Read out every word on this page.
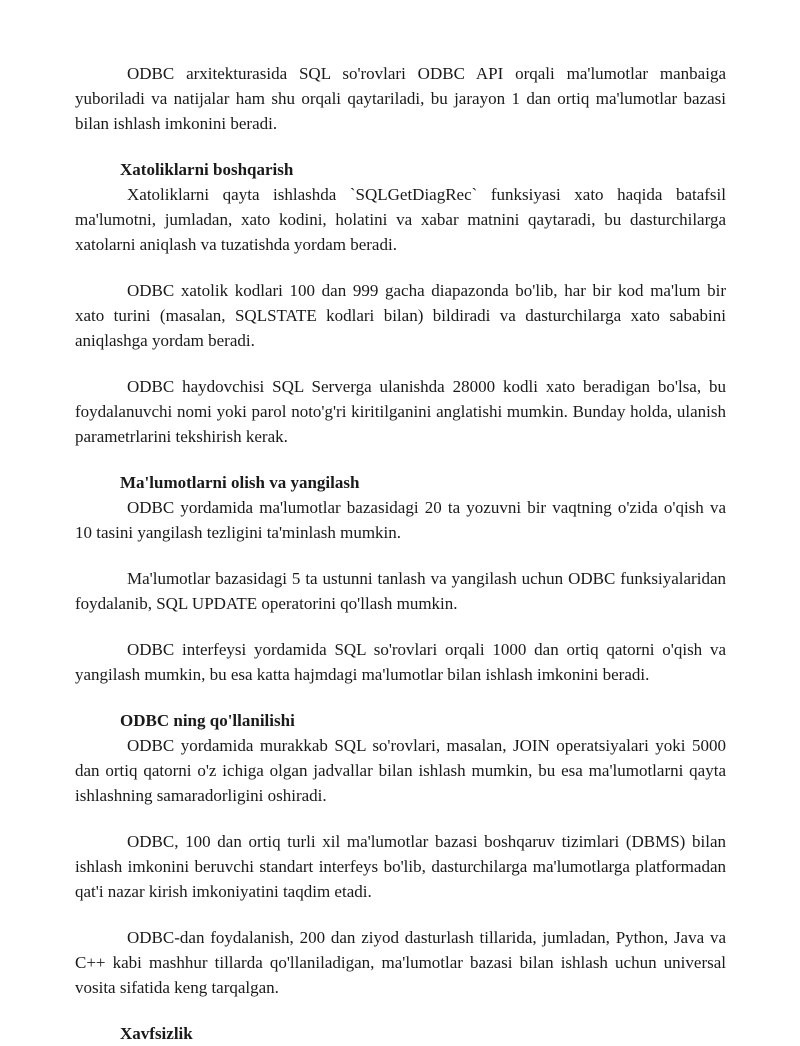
ODBC arxitekturasida SQL so'rovlari ODBC API orqali ma'lumotlar manbaiga yuboriladi va natijalar ham shu orqali qaytariladi, bu jarayon 1 dan ortiq ma'lumotlar bazasi bilan ishlash imkonini beradi.

Xatoliklarni boshqarish

Xatoliklarni qayta ishlashda `SQLGetDiagRec` funksiyasi xato haqida batafsil ma'lumotni, jumladan, xato kodini, holatini va xabar matnini qaytaradi, bu dasturchilarga xatolarni aniqlash va tuzatishda yordam beradi.

ODBC xatolik kodlari 100 dan 999 gacha diapazonda bo'lib, har bir kod ma'lum bir xato turini (masalan, SQLSTATE kodlari bilan) bildiradi va dasturchilarga xato sababini aniqlashga yordam beradi.

ODBC haydovchisi SQL Serverga ulanishda 28000 kodli xato beradigan bo'lsa, bu foydalanuvchi nomi yoki parol noto'g'ri kiritilganini anglatishi mumkin. Bunday holda, ulanish parametrlarini tekshirish kerak.

Ma'lumotlarni olish va yangilash

ODBC yordamida ma'lumotlar bazasidagi 20 ta yozuvni bir vaqtning o'zida o'qish va 10 tasini yangilash tezligini ta'minlash mumkin.

Ma'lumotlar bazasidagi 5 ta ustunni tanlash va yangilash uchun ODBC funksiyalaridan foydalanib, SQL UPDATE operatorini qo'llash mumkin.

ODBC interfeysi yordamida SQL so'rovlari orqali 1000 dan ortiq qatorni o'qish va yangilash mumkin, bu esa katta hajmdagi ma'lumotlar bilan ishlash imkonini beradi.

ODBC ning qo'llanilishi

ODBC yordamida murakkab SQL so'rovlari, masalan, JOIN operatsiyalari yoki 5000 dan ortiq qatorni o'z ichiga olgan jadvallar bilan ishlash mumkin, bu esa ma'lumotlarni qayta ishlashning samaradorligini oshiradi.

ODBC, 100 dan ortiq turli xil ma'lumotlar bazasi boshqaruv tizimlari (DBMS) bilan ishlash imkonini beruvchi standart interfeys bo'lib, dasturchilarga ma'lumotlarga platformadan qat'i nazar kirish imkoniyatini taqdim etadi.

ODBC-dan foydalanish, 200 dan ziyod dasturlash tillarida, jumladan, Python, Java va C++ kabi mashhur tillarda qo'llaniladigan, ma'lumotlar bazasi bilan ishlash uchun universal vosita sifatida keng tarqalgan.

Xavfsizlik
